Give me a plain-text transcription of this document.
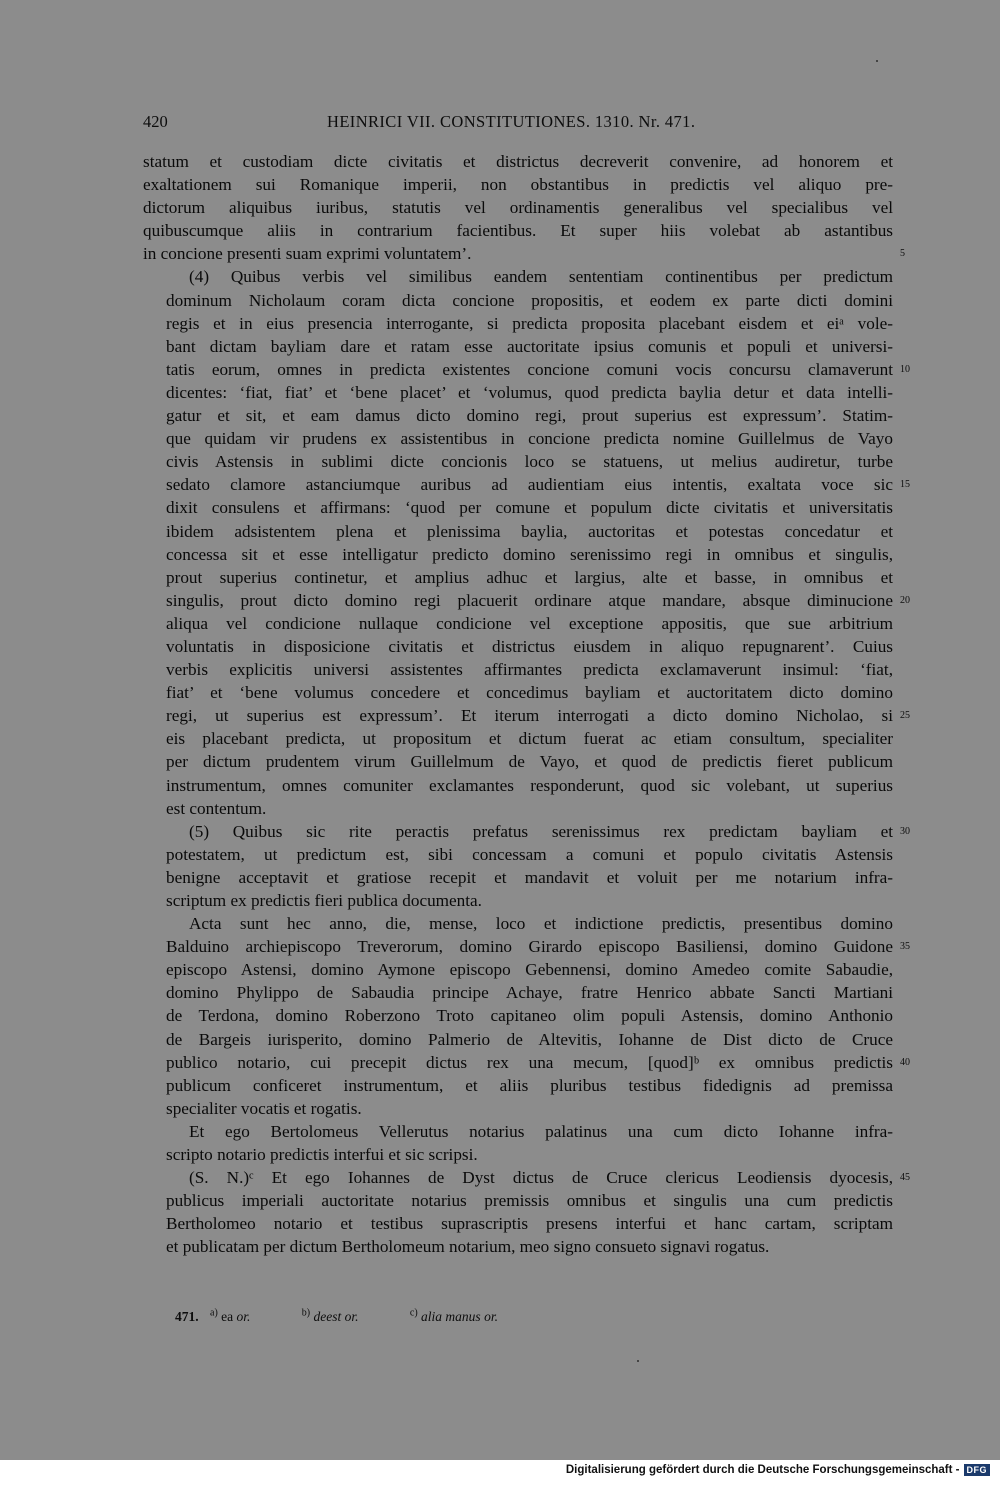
420	HEINRICI VII. CONSTITUTIONES. 1310. Nr. 471.
statum et custodiam dicte civitatis et districtus decreverit convenire, ad honorem et
exaltationem sui Romanique imperii, non obstantibus in predictis vel aliquo pre-
dictorum aliquibus iuribus, statutis vel ordinamentis generalibus vel specialibus vel
quibuscumque aliis in contrarium facientibus. Et super hiis volebat ab astantibus
in concione presenti suam exprimi voluntatem’.
(4) Quibus verbis vel similibus eandem sententiam continentibus per predictum
dominum Nicholaum coram dicta concione propositis, et eodem ex parte dicti domini
regis et in eius presencia interrogante, si predicta proposita placebant eisdem et eiᵃ vole-
bant dictam bayliam dare et ratam esse auctoritate ipsius comunis et populi et universi-
tatis eorum, omnes in predicta existentes concione comuni vocis concursu clamaverunt
dicentes: ‘fiat, fiat’ et ‘bene placet’ et ‘volumus, quod predicta baylia detur et data intelli-
gatur et sit, et eam damus dicto domino regi, prout superius est expressum’. Statim-
que quidam vir prudens ex assistentibus in concione predicta nomine Guillelmus de Vayo
civis Astensis in sublimi dicte concionis loco se statuens, ut melius audiretur, turbe
sedato clamore astanciumque auribus ad audientiam eius intentis, exaltata voce sic
dixit consulens et affirmans: ‘quod per comune et populum dicte civitatis et universitatis
ibidem adsistentem plena et plenissima baylia, auctoritas et potestas concedatur et
concessa sit et esse intelligatur predicto domino serenissimo regi in omnibus et singulis,
prout superius continetur, et amplius adhuc et largius, alte et basse, in omnibus et
singulis, prout dicto domino regi placuerit ordinare atque mandare, absque diminucione
aliqua vel condicione nullaque condicione vel exceptione appositis, que sue arbitrium
voluntatis in disposicione civitatis et districtus eiusdem in aliquo repugnarent’. Cuius
verbis explicitis universi assistentes affirmantes predicta exclamaverunt insimul: ‘fiat,
fiat’ et ‘bene volumus concedere et concedimus bayliam et auctoritatem dicto domino
regi, ut superius est expressum’. Et iterum interrogati a dicto domino Nicholao, si
eis placebant predicta, ut propositum et dictum fuerat ac etiam consultum, specialiter
per dictum prudentem virum Guillelmum de Vayo, et quod de predictis fieret publicum
instrumentum, omnes comuniter exclamantes responderunt, quod sic volebant, ut superius
est contentum.
(5) Quibus sic rite peractis prefatus serenissimus rex predictam bayliam et
potestatem, ut predictum est, sibi concessam a comuni et populo civitatis Astensis
benigne acceptavit et gratiose recepit et mandavit et voluit per me notarium infra-
scriptum ex predictis fieri publica documenta.
Acta sunt hec anno, die, mense, loco et indictione predictis, presentibus domino
Balduino archiepiscopo Treverorum, domino Girardo episcopo Basiliensi, domino Guidone
episcopo Astensi, domino Aymone episcopo Gebennensi, domino Amedeo comite Sabaudie,
domino Phylippo de Sabaudia principe Achaye, fratre Henrico abbate Sancti Martiani
de Terdona, domino Roberzono Troto capitaneo olim populi Astensis, domino Anthonio
de Bargeis iurisperito, domino Palmerio de Altevitis, Iohanne de Dist dicto de Cruce
publico notario, cui precepit dictus rex una mecum, [quod]ᵇ ex omnibus predictis
publicum conficeret instrumentum, et aliis pluribus testibus fidedignis ad premissa
specialiter vocatis et rogatis.
Et ego Bertolomeus Vellerutus notarius palatinus una cum dicto Iohanne infra-
scripto notario predictis interfui et sic scripsi.
(S. N.)ᶜ Et ego Iohannes de Dyst dictus de Cruce clericus Leodiensis dyocesis,
publicus imperiali auctoritate notarius premissis omnibus et singulis una cum predictis
Bertholomeo notario et testibus suprascriptis presens interfui et hanc cartam, scriptam
et publicatam per dictum Bertholomeum notarium, meo signo consueto signavi rogatus.
5
10
15
20
25
30
35
40
45
471. $^{a)}$ ea or.	$^{b)}$ deest or.	$^{c)}$ alia manus or.
Digitalisierung gefördert durch die Deutsche Forschungsgemeinschaft - DFG
